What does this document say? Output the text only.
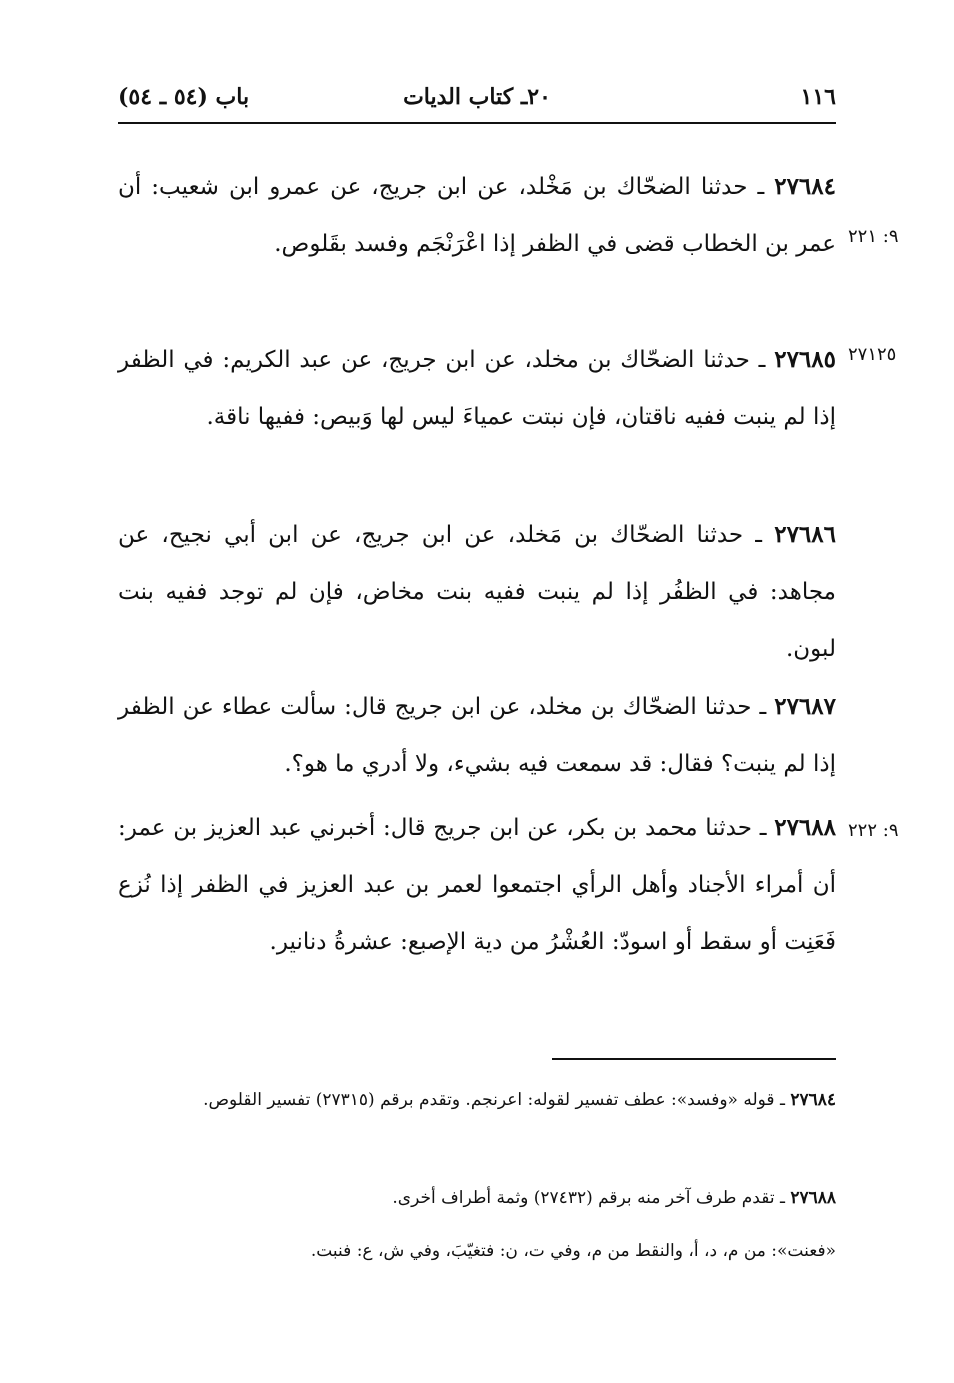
١١٦
٢٠ـ كتاب الديات
باب (٥٤ ـ ٥٤)
٢٧٦٨٤ ـ حدثنا الضحّاك بن مَخْلد، عن ابن جريج، عن عمرو ابن شعيب: أن عمر بن الخطاب قضى في الظفر إذا اعْرَنْجَم وفسد بقَلوص. ٩: ٢٢١
٢٧٦٨٥ ـ حدثنا الضحّاك بن مخلد، عن ابن جريج، عن عبد الكريم: في الظفر إذا لم ينبت ففيه ناقتان، فإن نبتت عمياءَ ليس لها وَبيص: ففيها ناقة.
٢٧١٢٥
٢٧٦٨٦ ـ حدثنا الضحّاك بن مَخلد، عن ابن جريج، عن ابن أبي نجيح، عن مجاهد: في الظفُر إذا لم ينبت ففيه بنت مخاض، فإن لم توجد ففيه بنت لبون.
٢٧٦٨٧ ـ حدثنا الضحّاك بن مخلد، عن ابن جريج قال: سألت عطاء عن الظفر إذا لم ينبت؟ فقال: قد سمعت فيه بشيء، ولا أدري ما هو؟.
٢٧٦٨٨ ـ حدثنا محمد بن بكر، عن ابن جريج قال: أخبرني عبد العزيز بن عمر: أن أمراء الأجناد وأهل الرأي اجتمعوا لعمر بن عبد العزيز في الظفر إذا نُزع فَعَنِت أو سقط أو اسودّ: العُشْرُ من دية الإصبع: عشرةُ دنانير.
٩: ٢٢٢
٢٧٦٨٤ ـ قوله «وفسد»: عطف تفسير لقوله: اعرنجم. وتقدم برقم (٢٧٣١٥) تفسير القلوص.
٢٧٦٨٨ ـ تقدم طرف آخر منه برقم (٢٧٤٣٢) وثمة أطراف أخرى.
«فعنت»: من م، د، أ، والنقط من م، وفي ت، ن: فتغيّبَ، وفي ش، ع: فنبت.
